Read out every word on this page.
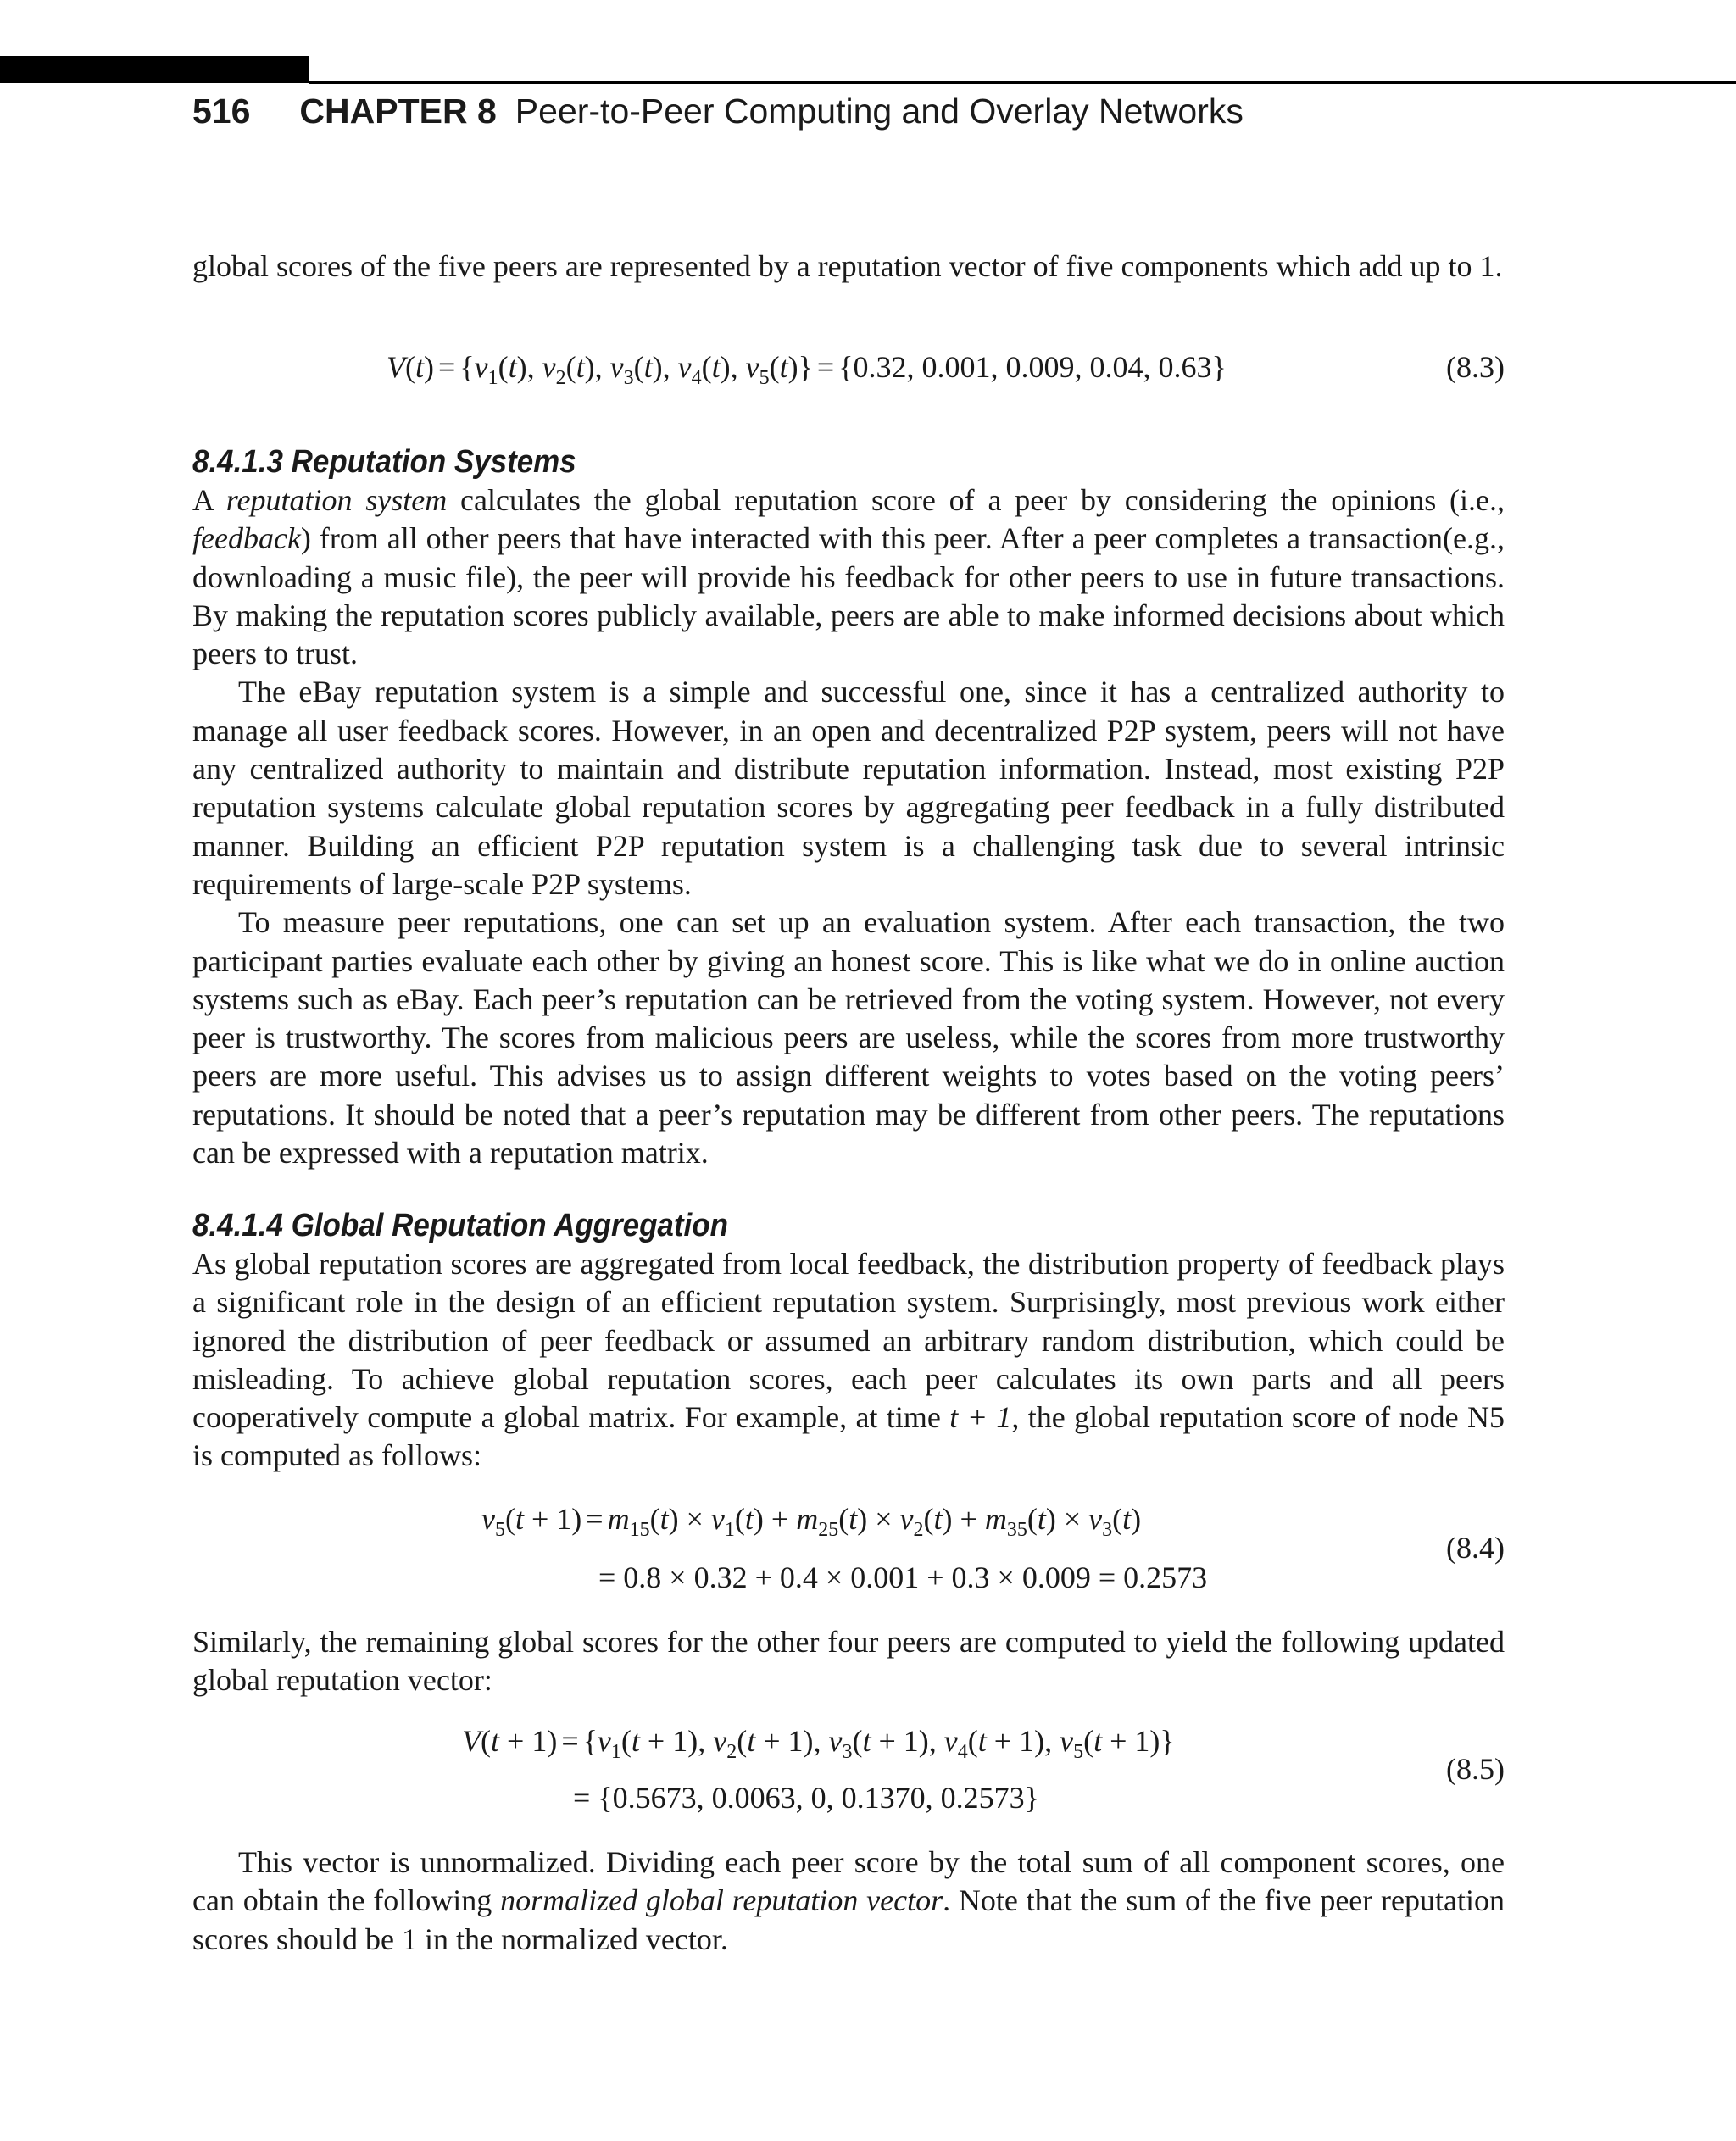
516 CHAPTER 8 Peer-to-Peer Computing and Overlay Networks

global scores of the five peers are represented by a reputation vector of five components which add up to 1.

$V(t) = \{v_1(t)$, $v_2(t)$, $v_3(t)$, $v_4(t)$, $v_5(t)\} = \{0.32$, 0.001, 0.009, 0.04, 0.63}	(8.3)
8.4.1.3 Reputation Systems

A reputation system calculates the global reputation score of a peer by considering the opinions (i.e., feedback) from all other peers that have interacted with this peer. After a peer completes a transaction(e.g., downloading a music file), the peer will provide his feedback for other peers to use in future transactions. By making the reputation scores publicly available, peers are able to make informed decisions about which peers to trust.

The eBay reputation system is a simple and successful one, since it has a centralized authority to manage all user feedback scores. However, in an open and decentralized P2P system, peers will not have any centralized authority to maintain and distribute reputation information. Instead, most existing P2P reputation systems calculate global reputation scores by aggregating peer feedback in a fully distributed manner. Building an efficient P2P reputation system is a challenging task due to several intrinsic requirements of large-scale P2P systems.

To measure peer reputations, one can set up an evaluation system. After each transaction, the two participant parties evaluate each other by giving an honest score. This is like what we do in online auction systems such as eBay. Each peer’s reputation can be retrieved from the voting system. However, not every peer is trustworthy. The scores from malicious peers are useless, while the scores from more trustworthy peers are more useful. This advises us to assign different weights to votes based on the voting peers’ reputations. It should be noted that a peer’s reputation may be different from other peers. The reputations can be expressed with a reputation matrix.

8.4.1.4 Global Reputation Aggregation

As global reputation scores are aggregated from local feedback, the distribution property of feedback plays a significant role in the design of an efficient reputation system. Surprisingly, most previous work either ignored the distribution of peer feedback or assumed an arbitrary random distribution, which could be misleading. To achieve global reputation scores, each peer calculates its own parts and all peers cooperatively compute a global matrix. For example, at time t + 1, the global reputation score of node N5 is computed as follows:

$v_5(t + 1) = m_{15}(t) \times v_1(t) + m_{25}(t) \times v_2(t) + m_{35}(t) \times v_3(t)$
= 0.8 × 0.32 + 0.4 × 0.001 + 0.3 × 0.009 = 0.2573
(8.4)

Similarly, the remaining global scores for the other four peers are computed to yield the following updated global reputation vector:

$V(t + 1) = \{v_1(t + 1)$, $v_2(t + 1)$, $v_3(t + 1)$, $v_4(t + 1)$, $v_5(t + 1)$}
= {0.5673, 0.0063, 0, 0.1370, 0.2573}
(8.5)

This vector is unnormalized. Dividing each peer score by the total sum of all component scores, one can obtain the following normalized global reputation vector. Note that the sum of the five peer reputation scores should be 1 in the normalized vector.
